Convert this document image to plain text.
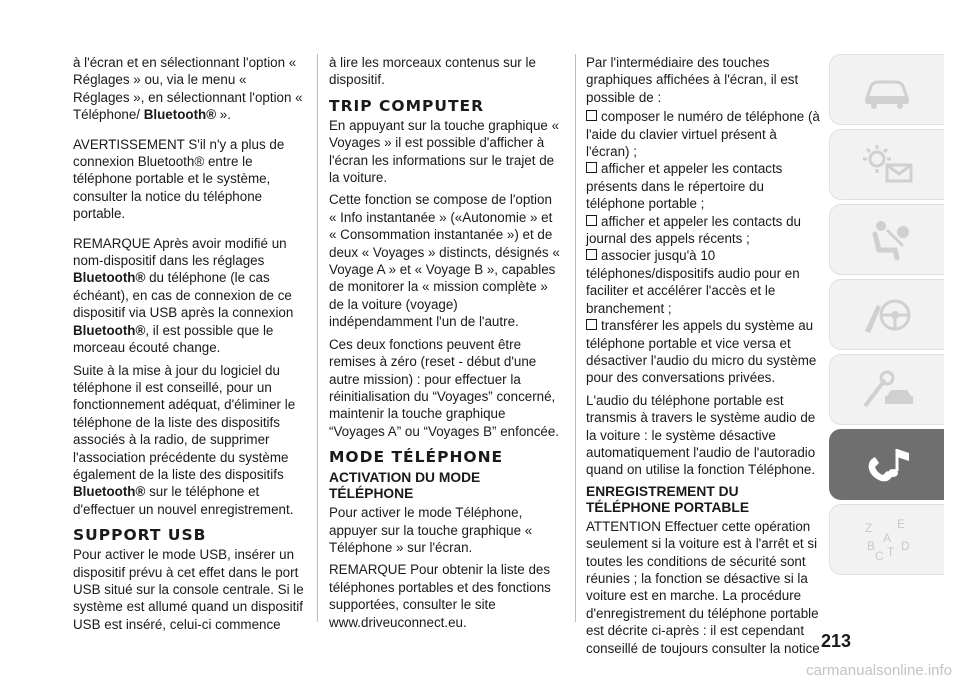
à l'écran et en sélectionnant l'option « Réglages » ou, via le menu « Réglages », en sélectionnant l'option « Téléphone/ Bluetooth® ».

AVERTISSEMENT S'il n'y a plus de connexion Bluetooth® entre le téléphone portable et le système, consulter la notice du téléphone portable.

REMARQUE Après avoir modifié un nom-dispositif dans les réglages Bluetooth® du téléphone (le cas échéant), en cas de connexion de ce dispositif via USB après la connexion Bluetooth®, il est possible que le morceau écouté change.

Suite à la mise à jour du logiciel du téléphone il est conseillé, pour un fonctionnement adéquat, d'éliminer le téléphone de la liste des dispositifs associés à la radio, de supprimer l'association précédente du système également de la liste des dispositifs Bluetooth® sur le téléphone et d'effectuer un nouvel enregistrement.

SUPPORT USB

Pour activer le mode USB, insérer un dispositif prévu à cet effet dans le port USB situé sur la console centrale. Si le système est allumé quand un dispositif USB est inséré, celui-ci commence

à lire les morceaux contenus sur le dispositif.

TRIP COMPUTER

En appuyant sur la touche graphique « Voyages » il est possible d'afficher à l'écran les informations sur le trajet de la voiture.

Cette fonction se compose de l'option « Info instantanée » («Autonomie » et « Consommation instantanée ») et de deux « Voyages » distincts, désignés « Voyage A » et « Voyage B », capables de monitorer la « mission complète » de la voiture (voyage) indépendamment l'un de l'autre.

Ces deux fonctions peuvent être remises à zéro (reset - début d'une autre mission) : pour effectuer la réinitialisation du “Voyages” concerné, maintenir la touche graphique “Voyages A” ou “Voyages B” enfoncée.

MODE TÉLÉPHONE
ACTIVATION DU MODE TÉLÉPHONE

Pour activer le mode Téléphone, appuyer sur la touche graphique « Téléphone » sur l'écran.

REMARQUE Pour obtenir la liste des téléphones portables et des fonctions supportées, consulter le site www.driveuconnect.eu.

Par l'intermédiaire des touches graphiques affichées à l'écran, il est possible de :

composer le numéro de téléphone (à l'aide du clavier virtuel présent à l'écran) ;
afficher et appeler les contacts présents dans le répertoire du téléphone portable ;
afficher et appeler les contacts du journal des appels récents ;
associer jusqu'à 10 téléphones/dispositifs audio pour en faciliter et accélérer l'accès et le branchement ;
transférer les appels du système au téléphone portable et vice versa et désactiver l'audio du micro du système pour des conversations privées.

L'audio du téléphone portable est transmis à travers le système audio de la voiture : le système désactive automatiquement l'audio de l'autoradio quand on utilise la fonction Téléphone.

ENREGISTREMENT DU TÉLÉPHONE PORTABLE

ATTENTION Effectuer cette opération seulement si la voiture est à l'arrêt et si toutes les conditions de sécurité sont réunies ; la fonction se désactive si la voiture est en marche. La procédure d'enregistrement du téléphone portable est décrite ci-après : il est cependant conseillé de toujours consulter la notice

Z E
A
B
C T D
213
carmanualsonline.info
